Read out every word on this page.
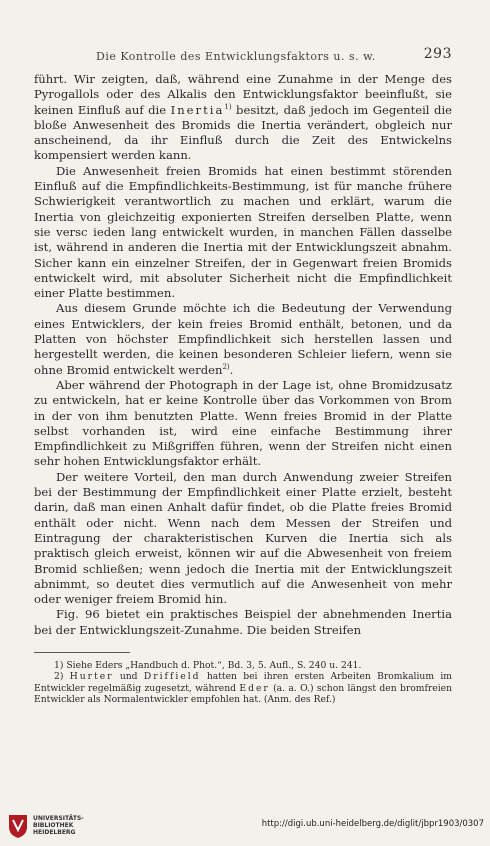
Die Kontrolle des Entwicklungsfaktors u. s. w.	293

führt. Wir zeigten, daß, während eine Zunahme in der Menge des Pyrogallols oder des Alkalis den Entwicklungsfaktor beeinflußt, sie keinen Einfluß auf die Inertia$^{1)}$ besitzt, daß jedoch im Gegenteil die bloße Anwesenheit des Bromids die Inertia verändert, obgleich nur anscheinend, da ihr Einfluß durch die Zeit des Entwickelns kompensiert werden kann.

Die Anwesenheit freien Bromids hat einen bestimmt störenden Einfluß auf die Empfindlichkeits-Bestimmung, ist für manche frühere Schwierigkeit verantwortlich zu machen und erklärt, warum die Inertia von gleichzeitig exponierten Streifen derselben Platte, wenn sie versc ieden lang entwickelt wurden, in manchen Fällen dasselbe ist, während in anderen die Inertia mit der Entwicklungszeit abnahm. Sicher kann ein einzelner Streifen, der in Gegenwart freien Bromids entwickelt wird, mit absoluter Sicherheit nicht die Empfindlichkeit einer Platte bestimmen.

Aus diesem Grunde möchte ich die Bedeutung der Verwendung eines Entwicklers, der kein freies Bromid enthält, betonen, und da Platten von höchster Empfindlichkeit sich herstellen lassen und hergestellt werden, die keinen besonderen Schleier liefern, wenn sie ohne Bromid entwickelt werden$^{2)}$.

Aber während der Photograph in der Lage ist, ohne Bromidzusatz zu entwickeln, hat er keine Kontrolle über das Vorkommen von Brom in der von ihm benutzten Platte. Wenn freies Bromid in der Platte selbst vorhanden ist, wird eine einfache Bestimmung ihrer Empfindlichkeit zu Mißgriffen führen, wenn der Streifen nicht einen sehr hohen Entwicklungsfaktor erhält.

Der weitere Vorteil, den man durch Anwendung zweier Streifen bei der Bestimmung der Empfindlichkeit einer Platte erzielt, besteht darin, daß man einen Anhalt dafür findet, ob die Platte freies Bromid enthält oder nicht. Wenn nach dem Messen der Streifen und Eintragung der charakteristischen Kurven die Inertia sich als praktisch gleich erweist, können wir auf die Abwesenheit von freiem Bromid schließen; wenn jedoch die Inertia mit der Entwicklungszeit abnimmt, so deutet dies vermutlich auf die Anwesenheit von mehr oder weniger freiem Bromid hin.

Fig. 96 bietet ein praktisches Beispiel der abnehmenden Inertia bei der Entwicklungszeit-Zunahme. Die beiden Streifen

1) Siehe Eders „Handbuch d. Phot.“, Bd. 3, 5. Aufl., S. 240 u. 241.

2) Hurter und Driffield hatten bei ihren ersten Arbeiten Bromkalium im Entwickler regelmäßig zugesetzt, während Eder (a. a. O.) schon längst den bromfreien Entwickler als Normalentwickler empfohlen hat. (Anm. des Ref.)

UNIVERSITÄTS-
BIBLIOTHEK
HEIDELBERG
http://digi.ub.uni-heidelberg.de/diglit/jbpr1903/0307
